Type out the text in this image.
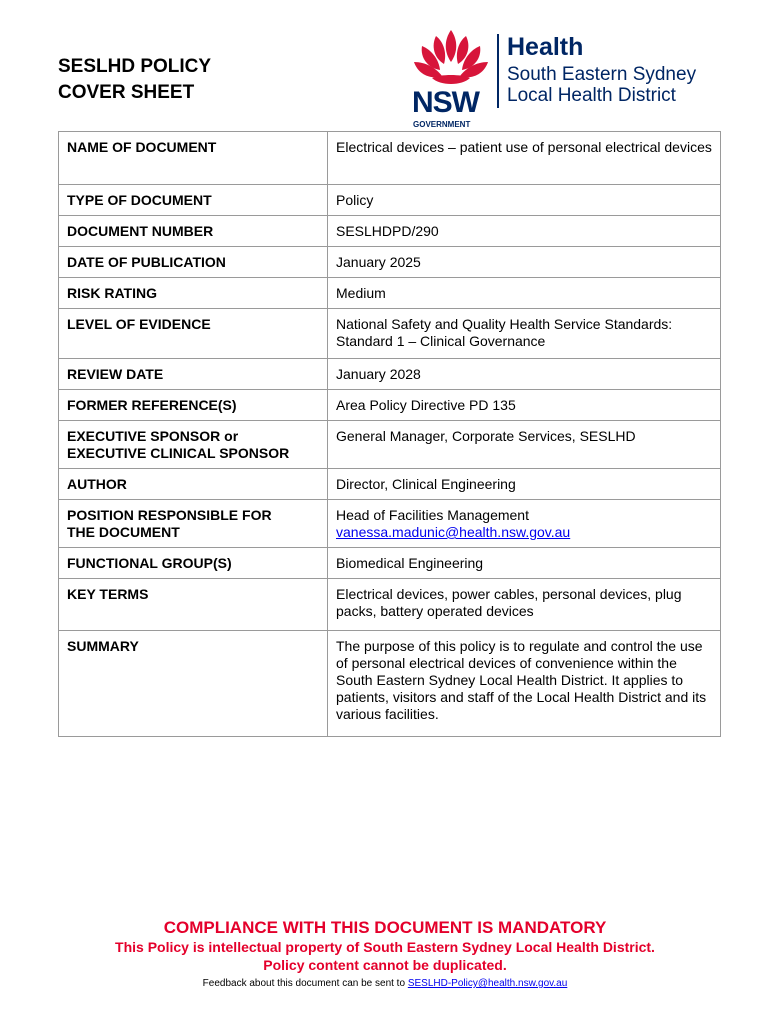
SESLHD POLICY
COVER SHEET	NSW
GOVERNMENT
Health
South Eastern Sydney
Local Health District
NAME OF DOCUMENT	Electrical devices – patient use of personal electrical devices
TYPE OF DOCUMENT	Policy
DOCUMENT NUMBER	SESLHDPD/290
DATE OF PUBLICATION	January 2025
RISK RATING	Medium
LEVEL OF EVIDENCE	National Safety and Quality Health Service Standards:
Standard 1 – Clinical Governance
REVIEW DATE	January 2028
FORMER REFERENCE(S)	Area Policy Directive PD 135
EXECUTIVE SPONSOR or
EXECUTIVE CLINICAL SPONSOR	General Manager, Corporate Services, SESLHD
AUTHOR	Director, Clinical Engineering
POSITION RESPONSIBLE FOR
THE DOCUMENT	Head of Facilities Management
vanessa.madunic@health.nsw.gov.au
FUNCTIONAL GROUP(S)	Biomedical Engineering
KEY TERMS	Electrical devices, power cables, personal devices, plug packs, battery operated devices
SUMMARY	The purpose of this policy is to regulate and control the use of personal electrical devices of convenience within the South Eastern Sydney Local Health District. It applies to patients, visitors and staff of the Local Health District and its various facilities.
COMPLIANCE WITH THIS DOCUMENT IS MANDATORY
This Policy is intellectual property of South Eastern Sydney Local Health District.
Policy content cannot be duplicated.
Feedback about this document can be sent to SESLHD-Policy@health.nsw.gov.au
